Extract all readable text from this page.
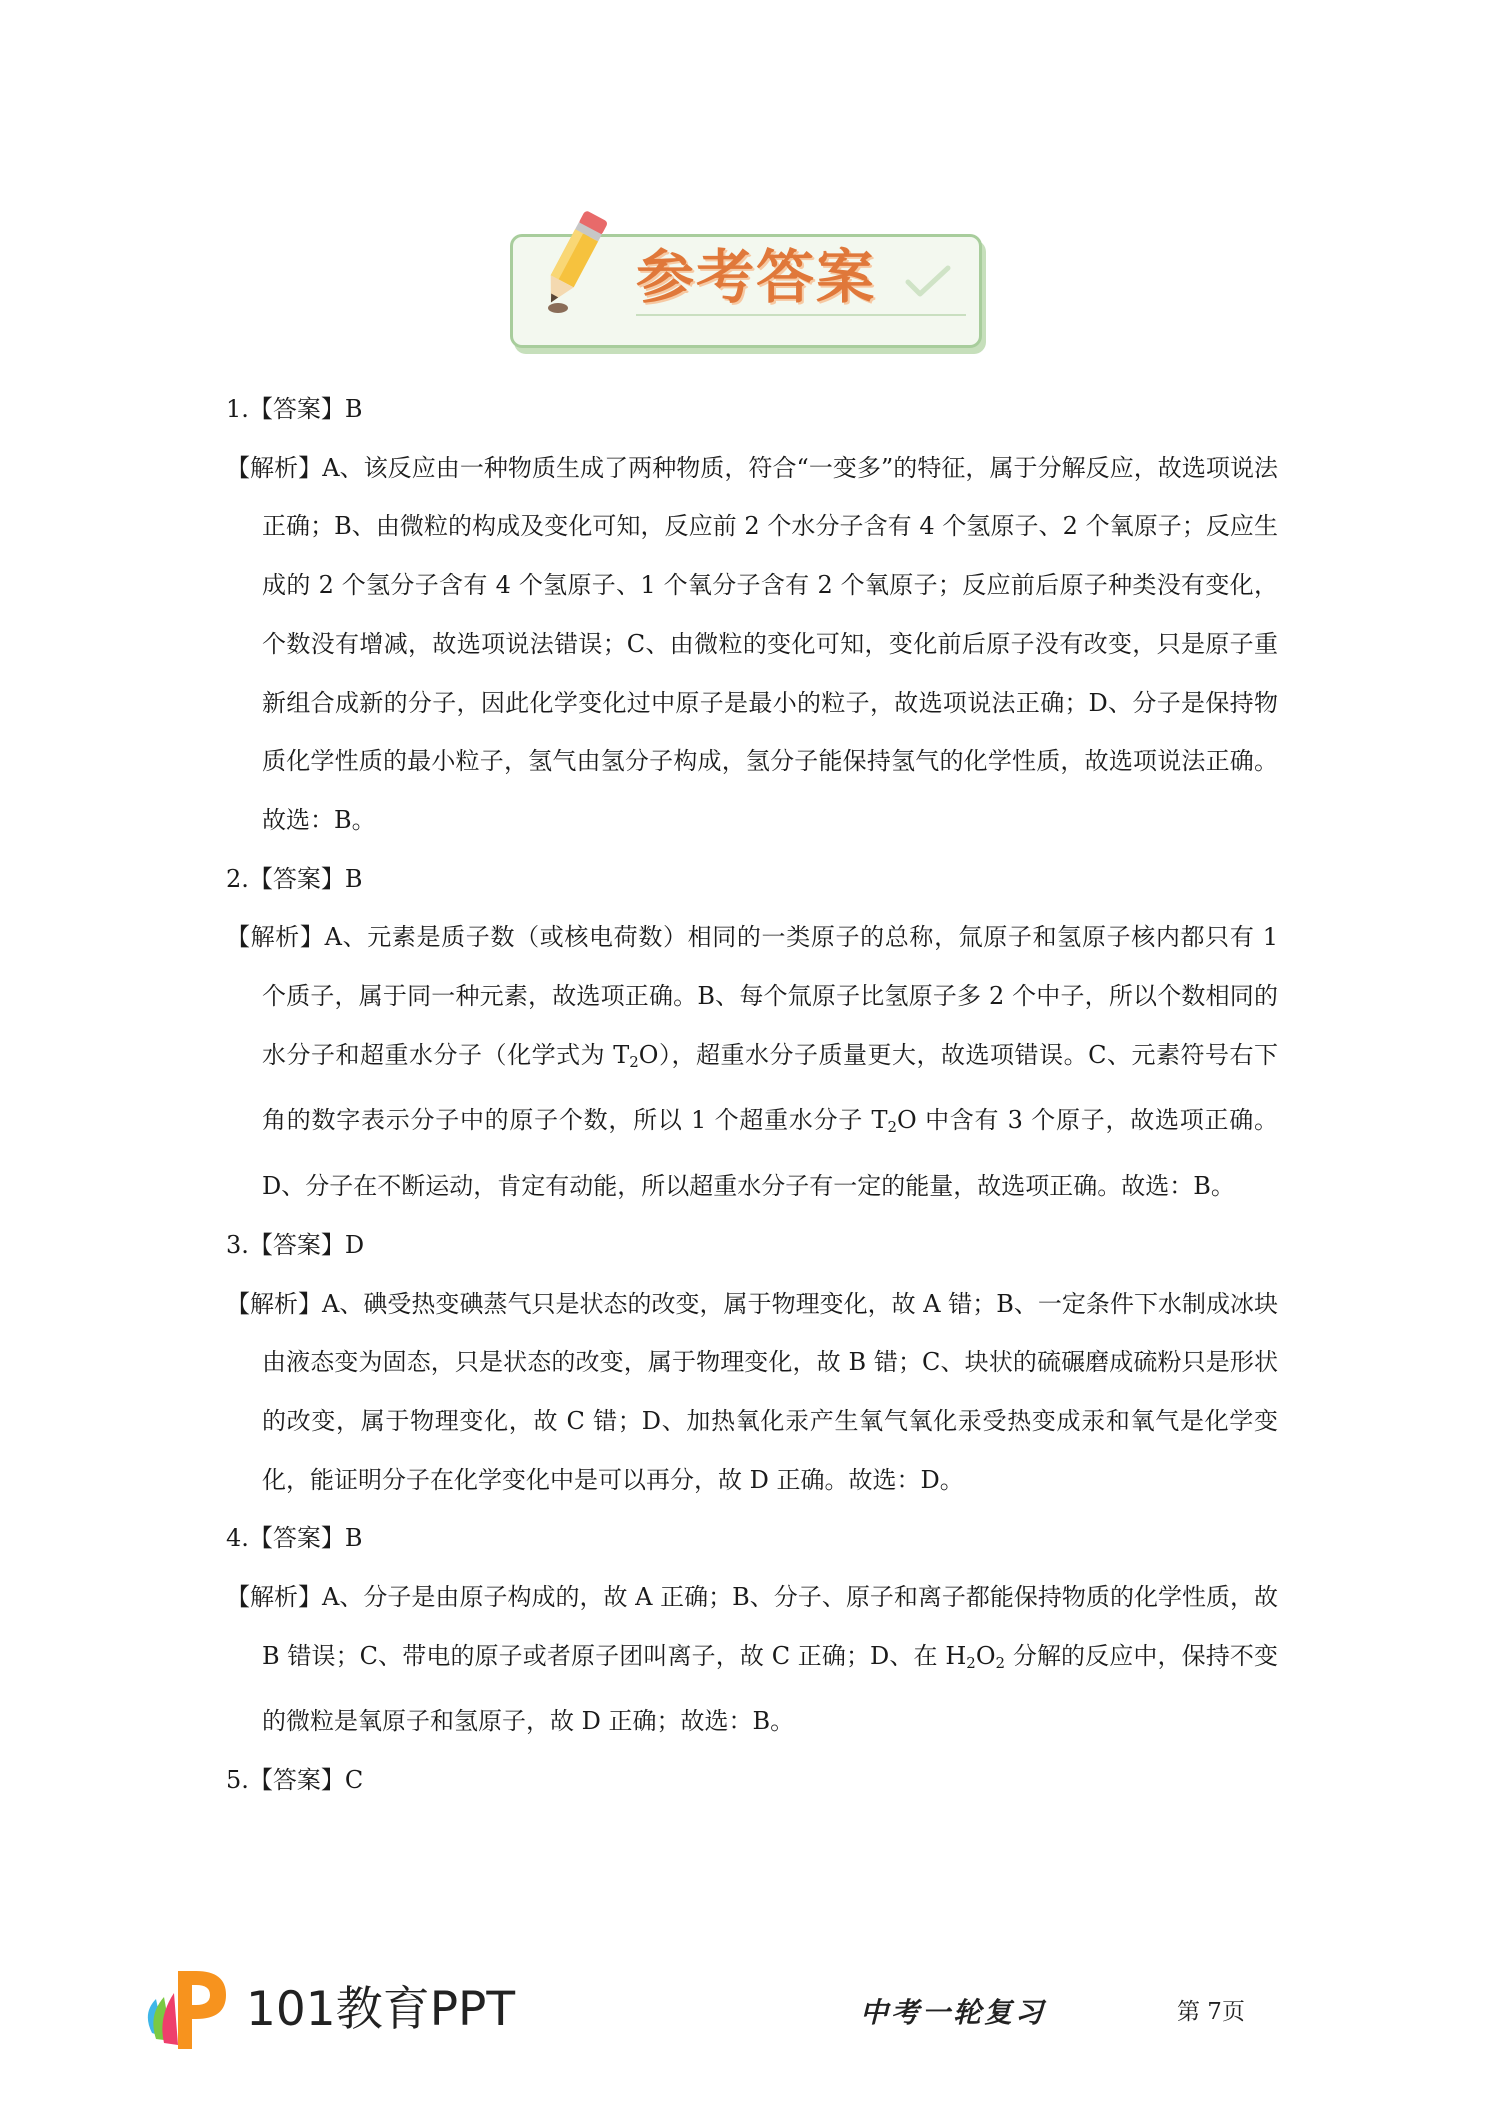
参考答案

1.【答案】B

【解析】A、该反应由一种物质生成了两种物质，符合“一变多”的特征，属于分解反应，故选项说法正确；B、由微粒的构成及变化可知，反应前 2 个水分子含有 4 个氢原子、2 个氧原子；反应生成的 2 个氢分子含有 4 个氢原子、1 个氧分子含有 2 个氧原子；反应前后原子种类没有变化，个数没有增减，故选项说法错误；C、由微粒的变化可知，变化前后原子没有改变，只是原子重新组合成新的分子，因此化学变化过中原子是最小的粒子，故选项说法正确；D、分子是保持物质化学性质的最小粒子，氢气由氢分子构成，氢分子能保持氢气的化学性质，故选项说法正确。故选：B。

2.【答案】B

【解析】A、元素是质子数（或核电荷数）相同的一类原子的总称，氚原子和氢原子核内都只有 1 个质子，属于同一种元素，故选项正确。B、每个氚原子比氢原子多 2 个中子，所以个数相同的水分子和超重水分子（化学式为 $T_2O$），超重水分子质量更大，故选项错误。C、元素符号右下角的数字表示分子中的原子个数，所以 1 个超重水分子 $T_2O$ 中含有 3 个原子，故选项正确。D、分子在不断运动，肯定有动能，所以超重水分子有一定的能量，故选项正确。故选：B。

3.【答案】D

【解析】A、碘受热变碘蒸气只是状态的改变，属于物理变化，故 A 错；B、一定条件下水制成冰块由液态变为固态，只是状态的改变，属于物理变化，故 B 错；C、块状的硫碾磨成硫粉只是形状的改变，属于物理变化，故 C 错；D、加热氧化汞产生氧气氧化汞受热变成汞和氧气是化学变化，能证明分子在化学变化中是可以再分，故 D 正确。故选：D。

4.【答案】B

【解析】A、分子是由原子构成的，故 A 正确；B、分子、原子和离子都能保持物质的化学性质，故 B 错误；C、带电的原子或者原子团叫离子，故 C 正确；D、在 $H_2O_2$ 分解的反应中，保持不变的微粒是氧原子和氢原子，故 D 正确；故选：B。

5.【答案】C

101教育PPT	中考一轮复习	第 7页
